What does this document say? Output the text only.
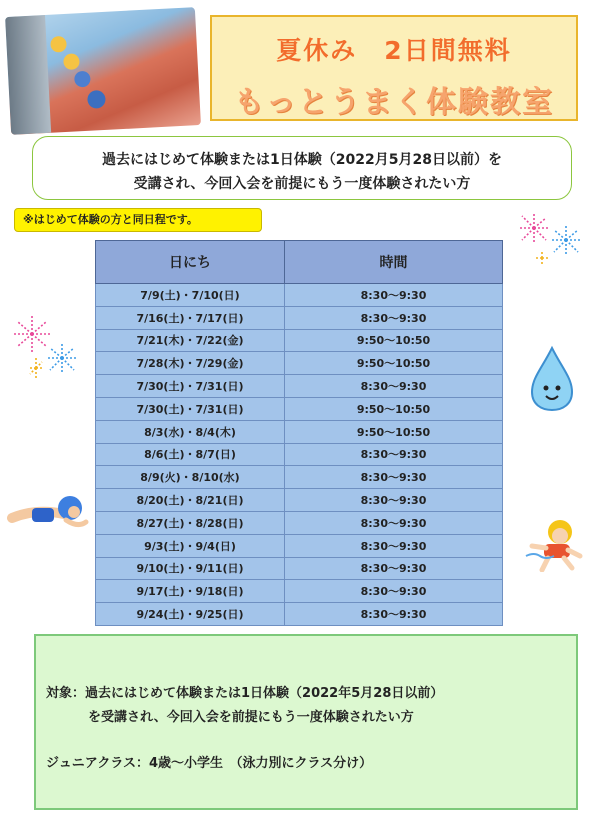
夏休み　2日間無料
もっとうまく体験教室

過去にはじめて体験または1日体験（2022月5月28日以前）を

受講され、今回入会を前提にもう一度体験されたい方

※はじめて体験の方と同日程です。
日にち	時間
7/9(土)・7/10(日)	8:30～9:30
7/16(土)・7/17(日)	8:30～9:30
7/21(木)・7/22(金)	9:50～10:50
7/28(木)・7/29(金)	9:50～10:50
7/30(土)・7/31(日)	8:30～9:30
7/30(土)・7/31(日)	9:50～10:50
8/3(水)・8/4(木)	9:50～10:50
8/6(土)・8/7(日)	8:30～9:30
8/9(火)・8/10(水)	8:30～9:30
8/20(土)・8/21(日)	8:30～9:30
8/27(土)・8/28(日)	8:30～9:30
9/3(土)・9/4(日)	8:30～9:30
9/10(土)・9/11(日)	8:30～9:30
9/17(土)・9/18(日)	8:30～9:30
9/24(土)・9/25(日)	8:30～9:30

対象：過去にはじめて体験または1日体験（2022年5月28日以前）

を受講され、今回入会を前提にもう一度体験されたい方

ジュニアクラス：4歳～小学生　（泳力別にクラス分け）
